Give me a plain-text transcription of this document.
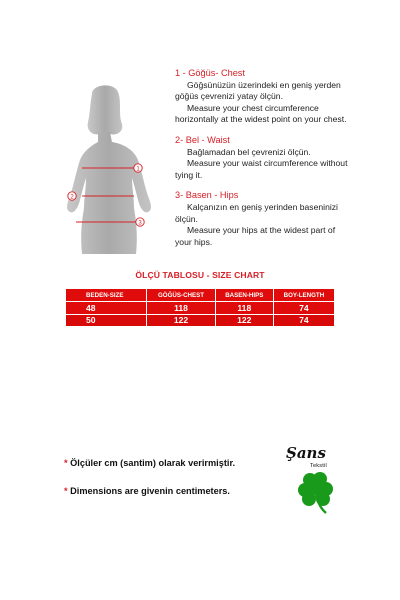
1
2
3
1 - Göğüs- Chest
Göğsünüzün üzerindeki en geniş yerden
göğüs çevrenizi yatay ölçün.
Measure your chest circumference
horizontally at the widest point on your chest.
2- Bel - Waist
Bağlamadan bel çevrenizi ölçün.
Measure your waist circumference without
tying it.
3- Basen - Hips
Kalçanızın en geniş yerinden baseninizi
ölçün.
Measure your hips at the widest part of
your hips.
ÖLÇÜ TABLOSU - SIZE CHART
BEDEN-SIZE	GÖĞÜS-CHEST	BASEN-HIPS	BOY-LENGTH
48	118	118	74
50	122	122	74
* Ölçüler cm (santim) olarak verirmiştir.
* Dimensions are givenin centimeters.
Şans
Tekstil
